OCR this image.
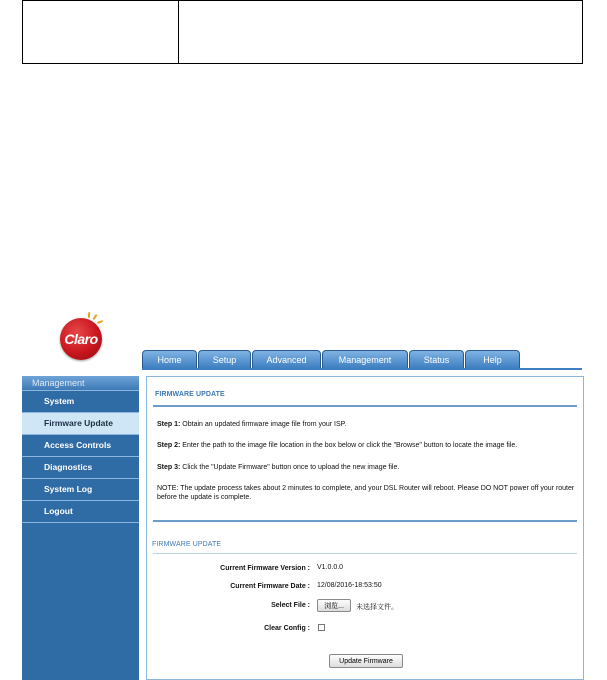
Claro
Home	Setup	Advanced	Management	Status	Help
Management
System
Firmware Update
Access Controls
Diagnostics
System Log
Logout
FIRMWARE UPDATE
Step 1: Obtain an updated firmware image file from your ISP.
Step 2: Enter the path to the image file location in the box below or click the "Browse" button to locate the image file.
Step 3: Click the "Update Firmware" button once to upload the new image file.
NOTE: The update process takes about 2 minutes to complete, and your DSL Router will reboot. Please DO NOT power off your router before the update is complete.
FIRMWARE UPDATE
Current Firmware Version : V1.0.0.0
Current Firmware Date : 12/08/2016-18:53:50
Select File :	浏览...	未选择文件。
Clear Config :
Update Firmware
